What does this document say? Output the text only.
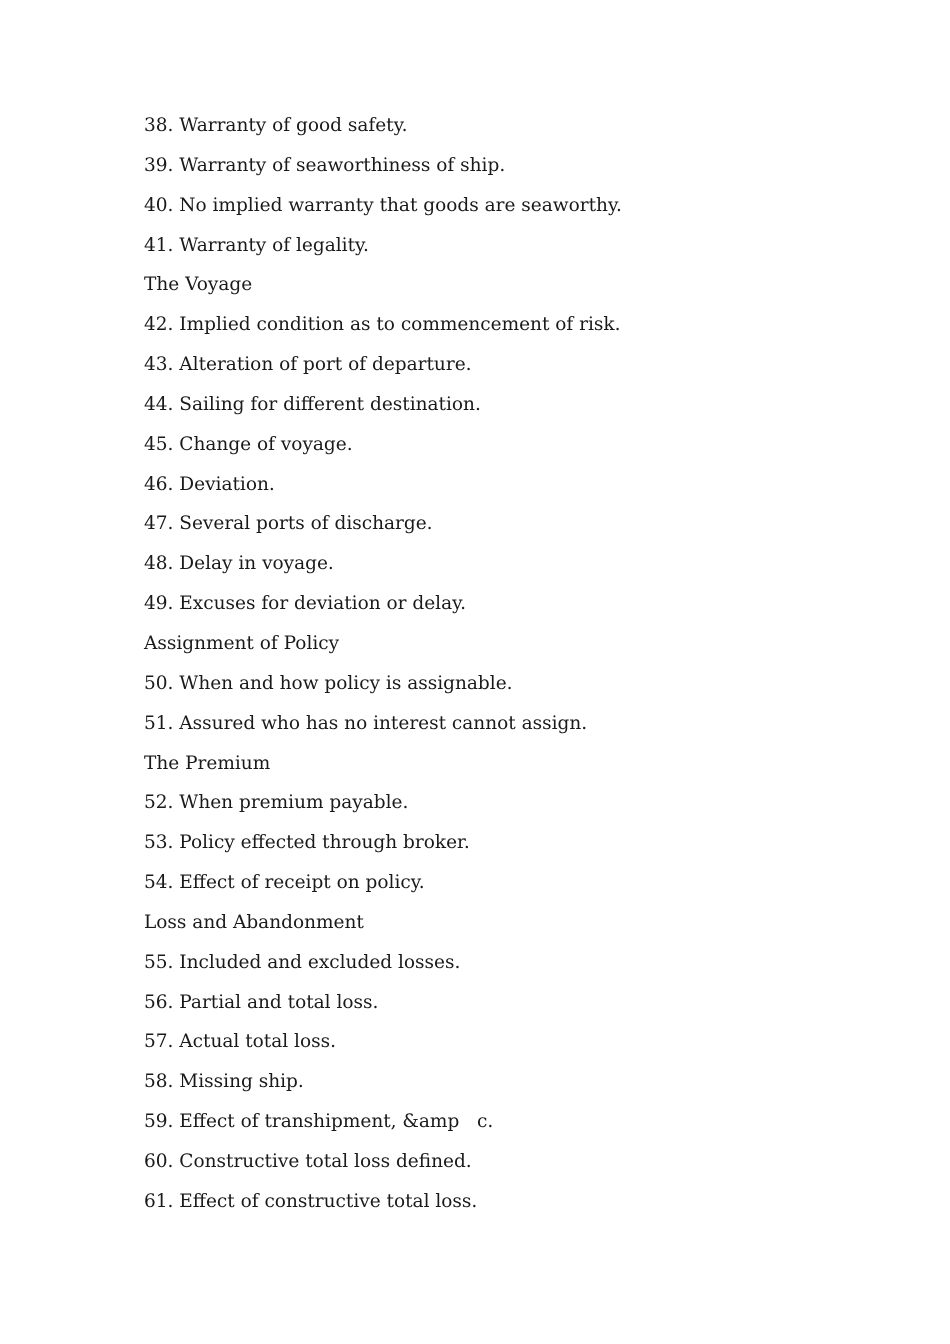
38. Warranty of good safety.
39. Warranty of seaworthiness of ship.
40. No implied warranty that goods are seaworthy.
41. Warranty of legality.
The Voyage
42. Implied condition as to commencement of risk.
43. Alteration of port of departure.
44. Sailing for different destination.
45. Change of voyage.
46. Deviation.
47. Several ports of discharge.
48. Delay in voyage.
49. Excuses for deviation or delay.
Assignment of Policy
50. When and how policy is assignable.
51. Assured who has no interest cannot assign.
The Premium
52. When premium payable.
53. Policy effected through broker.
54. Effect of receipt on policy.
Loss and Abandonment
55. Included and excluded losses.
56. Partial and total loss.
57. Actual total loss.
58. Missing ship.
59. Effect of transhipment, &amp   c.
60. Constructive total loss defined.
61. Effect of constructive total loss.
